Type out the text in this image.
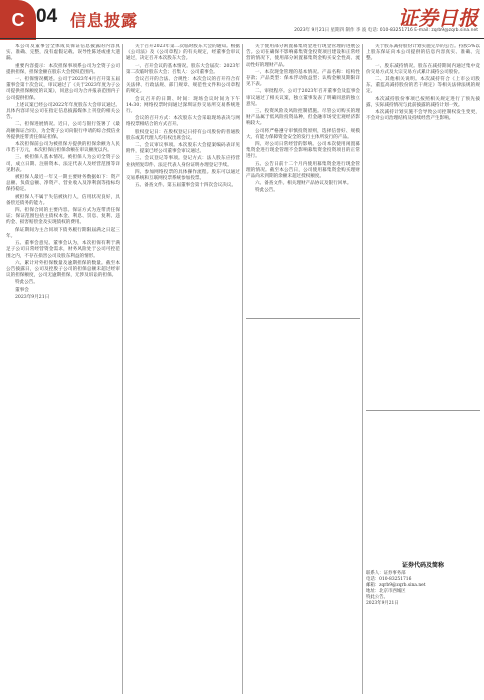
C 04 信息披露	证券日报
2023年 9月21日 星期四 制作 李 波 电话: 010-83251716 E-mail: zqrb9@zqrb.sina.net

本公司及董事会全体成员保证信息披露的内容真实、准确、完整，没有虚假记载、误导性陈述或重大遗漏。

重要内容提示：本次担保事项系公司为全资子公司提供担保，担保金额在股东大会授权范围内。

一、担保情况概述。公司于2023年4月召开第五届董事会第十次会议，审议通过了《关于2023年度为子公司提供担保额度的议案》，同意公司为合并报表范围内子公司提供担保。

上述议案已经公司2022年年度股东大会审议通过。具体内容详见公司在指定信息披露媒体上刊登的相关公告。

二、担保进展情况。近日，公司与银行签署了《最高额保证合同》，为全资子公司向银行申请的综合授信业务提供连带责任保证担保。

本次担保前公司为被担保方提供的担保余额为人民币若干万元，本次担保后担保余额在审议额度以内。

三、被担保人基本情况。被担保人为公司全资子公司，成立日期、注册资本、法定代表人及经营范围等详见附表。

被担保人最近一年又一期主要财务数据如下：资产总额、负债总额、净资产、营业收入及净利润等指标均保持稳定。

被担保人不属于失信被执行人，信用状况良好，具备偿还债务的能力。

四、担保合同的主要内容。保证方式为连带责任保证；保证范围包括主债权本金、利息、罚息、复利、违约金、损害赔偿金及实现债权的费用。

保证期间为主合同项下债务履行期限届满之日起三年。

五、董事会意见。董事会认为，本次担保有利于满足子公司日常经营资金需求，财务风险处于公司可控范围之内，不存在损害公司及股东利益的情形。

六、累计对外担保数量及逾期担保的数量。截至本公告披露日，公司及控股子公司的担保总额未超过经审议的担保额度，公司无逾期担保，无涉及诉讼的担保。

特此公告。

董事会

2023年9月21日

关于召开2023年第二次临时股东大会的通知。根据《公司法》及《公司章程》的有关规定，经董事会审议通过，决定召开本次股东大会。

一、召开会议的基本情况。股东大会届次：2023年第二次临时股东大会；召集人：公司董事会。

会议召开的合法、合规性：本次会议的召开符合有关法律、行政法规、部门规章、规范性文件和公司章程的规定。

会议召开的日期、时间：现场会议时间为下午14:30；网络投票时间通过深圳证券交易所交易系统进行。

会议的召开方式：本次股东大会采取现场表决与网络投票相结合的方式召开。

股权登记日：在股权登记日持有公司股份的普通股股东或其代理人均有权出席会议。

二、会议审议事项。本次股东大会提案编码表详见附件，提案已经公司董事会审议通过。

三、会议登记等事项。登记方式：法人股东应持营业执照复印件、法定代表人身份证明办理登记手续。

四、参加网络投票的具体操作流程。股东可以通过交易系统和互联网投票系统参加投票。

五、备查文件。第五届董事会第十四次会议决议。

关于使用部分闲置募集资金进行现金管理的进展公告。公司在确保不影响募集资金投资项目建设和正常经营的情况下，使用部分闲置募集资金购买安全性高、流动性好的理财产品。

一、本次现金管理的基本情况。产品名称：结构性存款；产品类型：保本浮动收益型；认购金额及期限详见下表。

二、审批程序。公司于2023年召开董事会及监事会审议通过了相关议案，独立董事发表了明确同意的独立意见。

三、投资风险及风险控制措施。尽管公司购买的理财产品属于低风险投资品种，但金融市场受宏观经济影响较大。

公司将严格遵守审慎投资原则，选择信誉好、规模大、有能力保障资金安全的发行主体所发行的产品。

四、对公司日常经营的影响。公司本次使用闲置募集资金进行现金管理不会影响募集资金投资项目的正常进行。

五、公告日前十二个月内使用募集资金进行现金管理的情况。截至本公告日，公司使用募集资金购买理财产品尚未到期的余额未超过授权额度。

六、备查文件。相关理财产品协议及银行回单。

特此公告。

关于股东减持股份计划实施完毕的公告。持股5%以上股东保证向本公司提供的信息内容真实、准确、完整。

一、股东减持情况。股东在减持期间内通过集中竞价交易方式及大宗交易方式累计减持公司股份。

二、其他相关说明。本次减持符合《上市公司股东、董监高减持股份的若干规定》等相关法律法规的规定。

本次减持股份事项已按照相关规定进行了预先披露，实际减持情况与此前披露的减持计划一致。

本次减持计划实施不会导致公司控制权发生变更，不会对公司治理结构及持续经营产生影响。

证券代码及简称

联系人：证券事务部

电话：010-83251716

邮箱：zqrb9@zqrb.sina.net

地址：北京市西城区

特此公告。

2023年9月21日
